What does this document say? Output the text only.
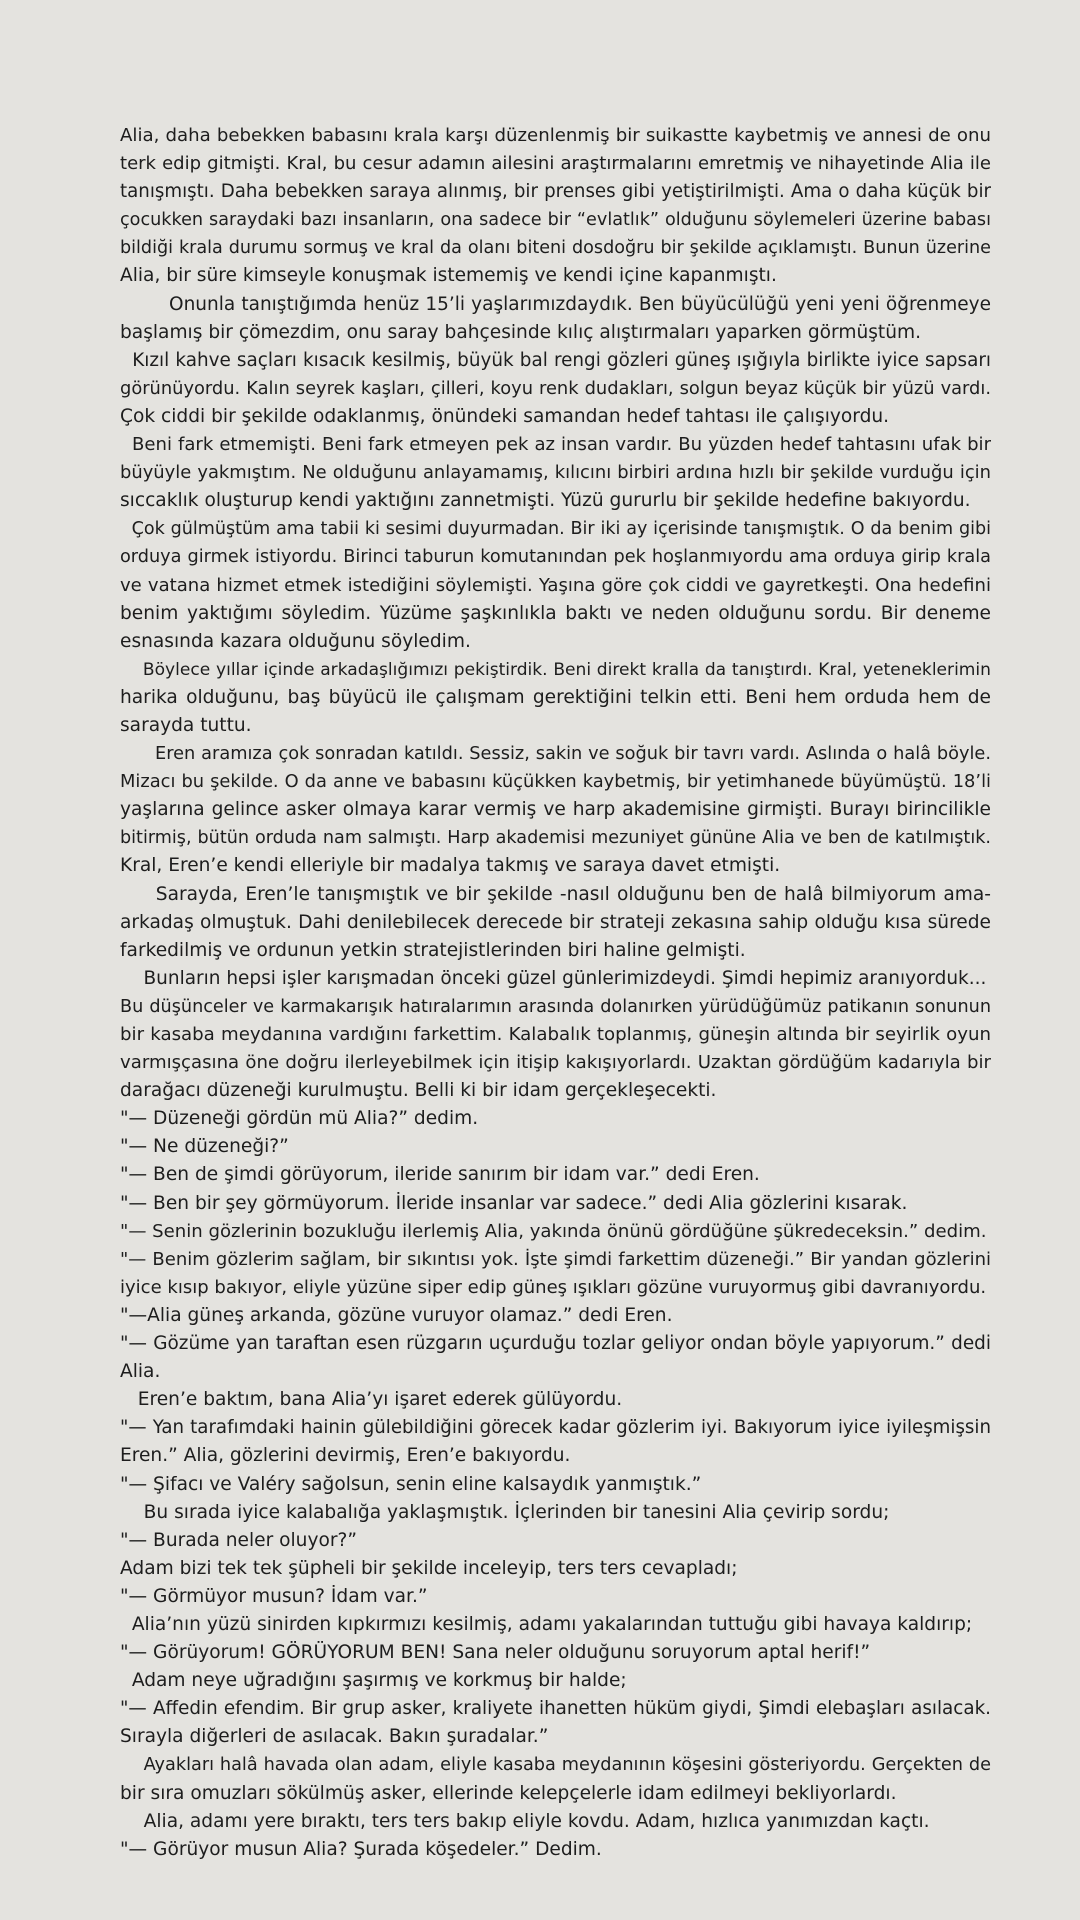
Alia, daha bebekken babasını krala karşı düzenlenmiş bir suikastte kaybetmiş ve annesi de onu
terk edip gitmişti. Kral, bu cesur adamın ailesini araştırmalarını emretmiş ve nihayetinde Alia ile
tanışmıştı. Daha bebekken saraya alınmış, bir prenses gibi yetiştirilmişti. Ama o daha küçük bir
çocukken saraydaki bazı insanların, ona sadece bir “evlatlık” olduğunu söylemeleri üzerine babası
bildiği krala durumu sormuş ve kral da olanı biteni dosdoğru bir şekilde açıklamıştı. Bunun üzerine
Alia, bir süre kimseyle konuşmak istememiş ve kendi içine kapanmıştı.
Onunla tanıştığımda henüz 15’li yaşlarımızdaydık. Ben büyücülüğü yeni yeni öğrenmeye
başlamış bir çömezdim, onu saray bahçesinde kılıç alıştırmaları yaparken görmüştüm.
Kızıl kahve saçları kısacık kesilmiş, büyük bal rengi gözleri güneş ışığıyla birlikte iyice sapsarı
görünüyordu. Kalın seyrek kaşları, çilleri, koyu renk dudakları, solgun beyaz küçük bir yüzü vardı.
Çok ciddi bir şekilde odaklanmış, önündeki samandan hedef tahtası ile çalışıyordu.
Beni fark etmemişti. Beni fark etmeyen pek az insan vardır. Bu yüzden hedef tahtasını ufak bir
büyüyle yakmıştım. Ne olduğunu anlayamamış, kılıcını birbiri ardına hızlı bir şekilde vurduğu için
sıccaklık oluşturup kendi yaktığını zannetmişti. Yüzü gururlu bir şekilde hedefine bakıyordu.
Çok gülmüştüm ama tabii ki sesimi duyurmadan. Bir iki ay içerisinde tanışmıştık. O da benim gibi
orduya girmek istiyordu. Birinci taburun komutanından pek hoşlanmıyordu ama orduya girip krala
ve vatana hizmet etmek istediğini söylemişti. Yaşına göre çok ciddi ve gayretkeşti. Ona hedefini
benim yaktığımı söyledim. Yüzüme şaşkınlıkla baktı ve neden olduğunu sordu. Bir deneme
esnasında kazara olduğunu söyledim.
Böylece yıllar içinde arkadaşlığımızı pekiştirdik. Beni direkt kralla da tanıştırdı. Kral, yeteneklerimin
harika olduğunu, baş büyücü ile çalışmam gerektiğini telkin etti. Beni hem orduda hem de
sarayda tuttu.
Eren aramıza çok sonradan katıldı. Sessiz, sakin ve soğuk bir tavrı vardı. Aslında o halâ böyle.
Mizacı bu şekilde. O da anne ve babasını küçükken kaybetmiş, bir yetimhanede büyümüştü. 18’li
yaşlarına gelince asker olmaya karar vermiş ve harp akademisine girmişti. Burayı birincilikle
bitirmiş, bütün orduda nam salmıştı. Harp akademisi mezuniyet gününe Alia ve ben de katılmıştık.
Kral, Eren’e kendi elleriyle bir madalya takmış ve saraya davet etmişti.
Sarayda, Eren’le tanışmıştık ve bir şekilde -nasıl olduğunu ben de halâ bilmiyorum ama-
arkadaş olmuştuk. Dahi denilebilecek derecede bir strateji zekasına sahip olduğu kısa sürede
farkedilmiş ve ordunun yetkin stratejistlerinden biri haline gelmişti.
Bunların hepsi işler karışmadan önceki güzel günlerimizdeydi. Şimdi hepimiz aranıyorduk...
Bu düşünceler ve karmakarışık hatıralarımın arasında dolanırken yürüdüğümüz patikanın sonunun
bir kasaba meydanına vardığını farkettim. Kalabalık toplanmış, güneşin altında bir seyirlik oyun
varmışçasına öne doğru ilerleyebilmek için itişip kakışıyorlardı. Uzaktan gördüğüm kadarıyla bir
darağacı düzeneği kurulmuştu. Belli ki bir idam gerçekleşecekti.
"— Düzeneği gördün mü Alia?” dedim.
"— Ne düzeneği?”
"— Ben de şimdi görüyorum, ileride sanırım bir idam var.” dedi Eren.
"— Ben bir şey görmüyorum. İleride insanlar var sadece.” dedi Alia gözlerini kısarak.
"— Senin gözlerinin bozukluğu ilerlemiş Alia, yakında önünü gördüğüne şükredeceksin.” dedim.
"— Benim gözlerim sağlam, bir sıkıntısı yok. İşte şimdi farkettim düzeneği.” Bir yandan gözlerini
iyice kısıp bakıyor, eliyle yüzüne siper edip güneş ışıkları gözüne vuruyormuş gibi davranıyordu.
"—Alia güneş arkanda, gözüne vuruyor olamaz.” dedi Eren.
"— Gözüme yan taraftan esen rüzgarın uçurduğu tozlar geliyor ondan böyle yapıyorum.” dedi
Alia.
Eren’e baktım, bana Alia’yı işaret ederek gülüyordu.
"— Yan tarafımdaki hainin gülebildiğini görecek kadar gözlerim iyi. Bakıyorum iyice iyileşmişsin
Eren.” Alia, gözlerini devirmiş, Eren’e bakıyordu.
"— Şifacı ve Valéry sağolsun, senin eline kalsaydık yanmıştık.”
Bu sırada iyice kalabalığa yaklaşmıştık. İçlerinden bir tanesini Alia çevirip sordu;
"— Burada neler oluyor?”
Adam bizi tek tek şüpheli bir şekilde inceleyip, ters ters cevapladı;
"— Görmüyor musun? İdam var.”
Alia’nın yüzü sinirden kıpkırmızı kesilmiş, adamı yakalarından tuttuğu gibi havaya kaldırıp;
"— Görüyorum! GÖRÜYORUM BEN! Sana neler olduğunu soruyorum aptal herif!”
Adam neye uğradığını şaşırmış ve korkmuş bir halde;
"— Affedin efendim. Bir grup asker, kraliyete ihanetten hüküm giydi, Şimdi elebaşları asılacak.
Sırayla diğerleri de asılacak. Bakın şuradalar.”
Ayakları halâ havada olan adam, eliyle kasaba meydanının köşesini gösteriyordu. Gerçekten de
bir sıra omuzları sökülmüş asker, ellerinde kelepçelerle idam edilmeyi bekliyorlardı.
Alia, adamı yere bıraktı, ters ters bakıp eliyle kovdu. Adam, hızlıca yanımızdan kaçtı.
"— Görüyor musun Alia? Şurada köşedeler.” Dedim.
